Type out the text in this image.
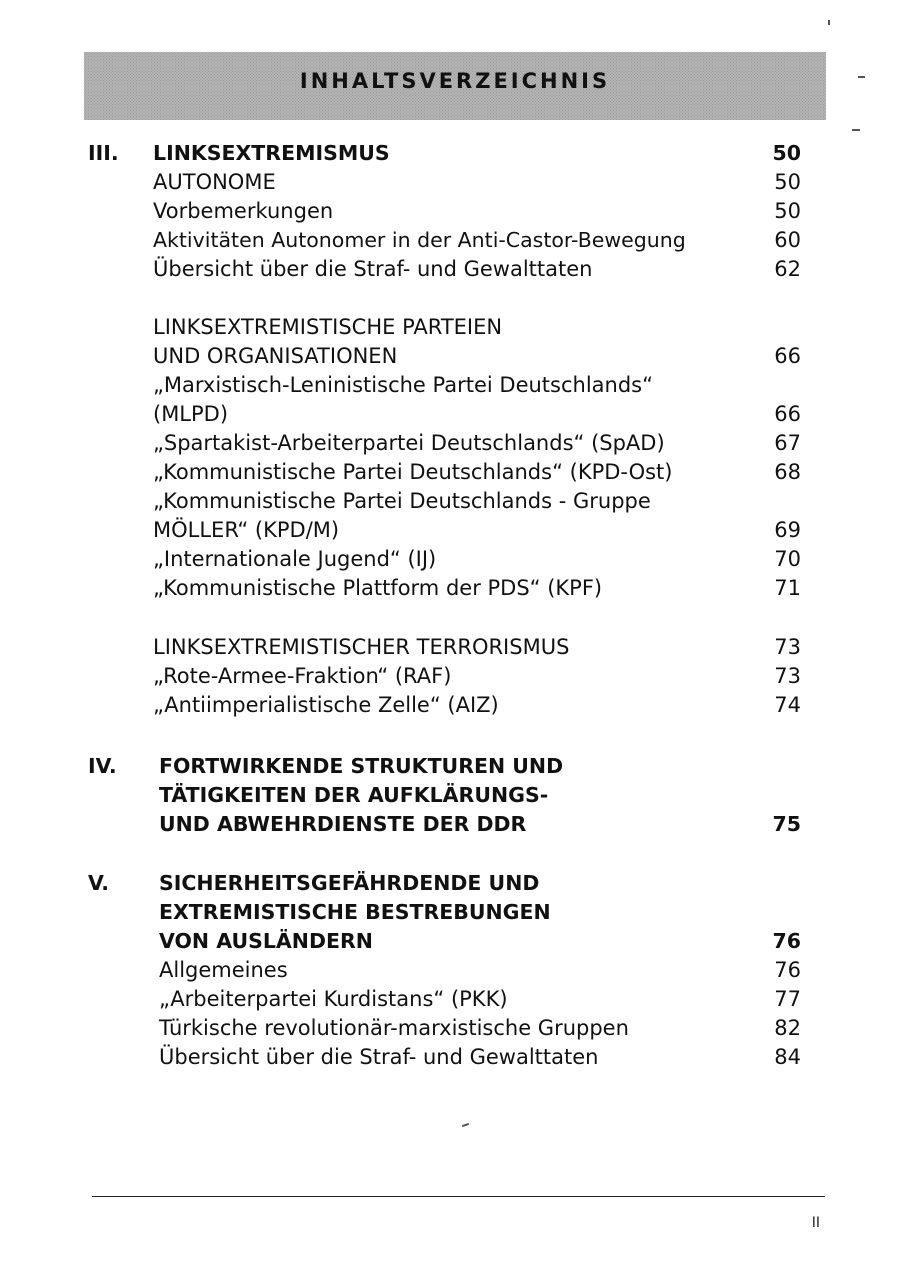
INHALTSVERZEICHNIS
III.	LINKSEXTREMISMUS	50
AUTONOME	50
Vorbemerkungen	50
Aktivitäten Autonomer in der Anti-Castor-Bewegung	60
Übersicht über die Straf- und Gewalttaten	62
LINKSEXTREMISTISCHE PARTEIEN
UND ORGANISATIONEN	66
„Marxistisch-Leninistische Partei Deutschlands“
(MLPD)	66
„Spartakist-Arbeiterpartei Deutschlands“ (SpAD)	67
„Kommunistische Partei Deutschlands“ (KPD-Ost)	68
„Kommunistische Partei Deutschlands - Gruppe
MÖLLER“ (KPD/M)	69
„Internationale Jugend“ (IJ)	70
„Kommunistische Plattform der PDS“ (KPF)	71
LINKSEXTREMISTISCHER TERRORISMUS	73
„Rote-Armee-Fraktion“ (RAF)	73
„Antiimperialistische Zelle“ (AIZ)	74
IV.	FORTWIRKENDE STRUKTUREN UND
TÄTIGKEITEN DER AUFKLÄRUNGS-
UND ABWEHRDIENSTE DER DDR	75
V.	SICHERHEITSGEFÄHRDENDE UND
EXTREMISTISCHE BESTREBUNGEN
VON AUSLÄNDERN	76
Allgemeines	76
„Arbeiterpartei Kurdistans“ (PKK)	77
Türkische revolutionär-marxistische Gruppen	82
Übersicht über die Straf- und Gewalttaten	84
II
